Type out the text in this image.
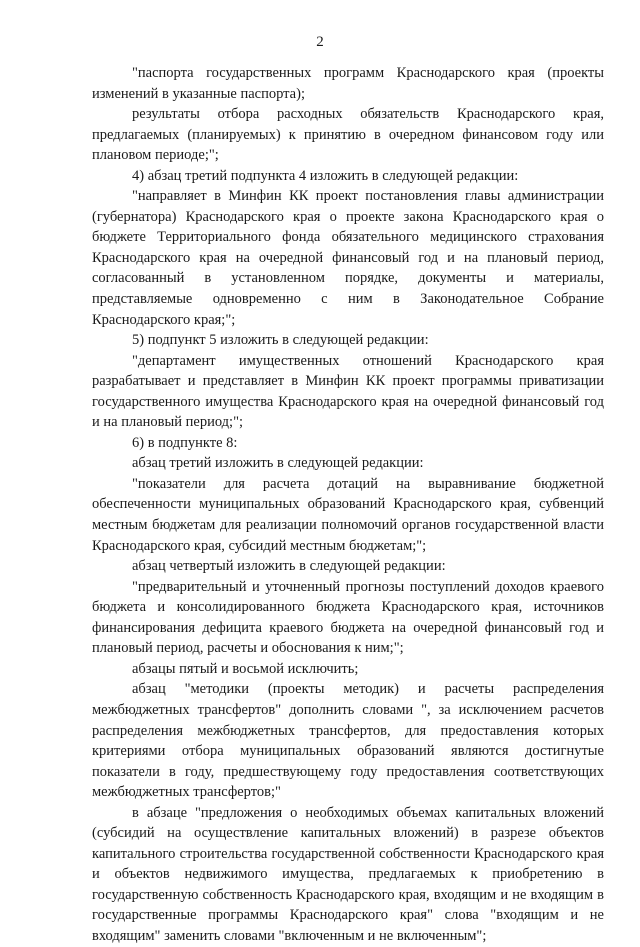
2

"паспорта государственных программ Краснодарского края (проекты изменений в указанные паспорта);

результаты отбора расходных обязательств Краснодарского края, предлагаемых (планируемых) к принятию в очередном финансовом году или плановом периоде;";

4) абзац третий подпункта 4 изложить в следующей редакции:

"направляет в Минфин КК проект постановления главы администрации (губернатора) Краснодарского края о проекте закона Краснодарского края о бюджете Территориального фонда обязательного медицинского страхования Краснодарского края на очередной финансовый год и на плановый период, согласованный в установленном порядке, документы и материалы, представляемые одновременно с ним в Законодательное Собрание Краснодарского края;";

5) подпункт 5 изложить в следующей редакции:

"департамент имущественных отношений Краснодарского края разрабатывает и представляет в Минфин КК проект программы приватизации государственного имущества Краснодарского края на очередной финансовый год и на плановый период;";

6) в подпункте 8:

абзац третий изложить в следующей редакции:

"показатели для расчета дотаций на выравнивание бюджетной обеспеченности муниципальных образований Краснодарского края, субвенций местным бюджетам для реализации полномочий органов государственной власти Краснодарского края, субсидий местным бюджетам;";

абзац четвертый изложить в следующей редакции:

"предварительный и уточненный прогнозы поступлений доходов краевого бюджета и консолидированного бюджета Краснодарского края, источников финансирования дефицита краевого бюджета на очередной финансовый год и плановый период, расчеты и обоснования к ним;";

абзацы пятый и восьмой исключить;

абзац "методики (проекты методик) и расчеты распределения межбюджетных трансфертов" дополнить словами ", за исключением расчетов распределения межбюджетных трансфертов, для предоставления которых критериями отбора муниципальных образований являются достигнутые показатели в году, предшествующему году предоставления соответствующих межбюджетных трансфертов;"

в абзаце "предложения о необходимых объемах капитальных вложений (субсидий на осуществление капитальных вложений) в разрезе объектов капитального строительства государственной собственности Краснодарского края и объектов недвижимого имущества, предлагаемых к приобретению в государственную собственность Краснодарского края, входящим и не входящим в государственные программы Краснодарского края" слова "входящим и не входящим" заменить словами "включенным и не включенным";
